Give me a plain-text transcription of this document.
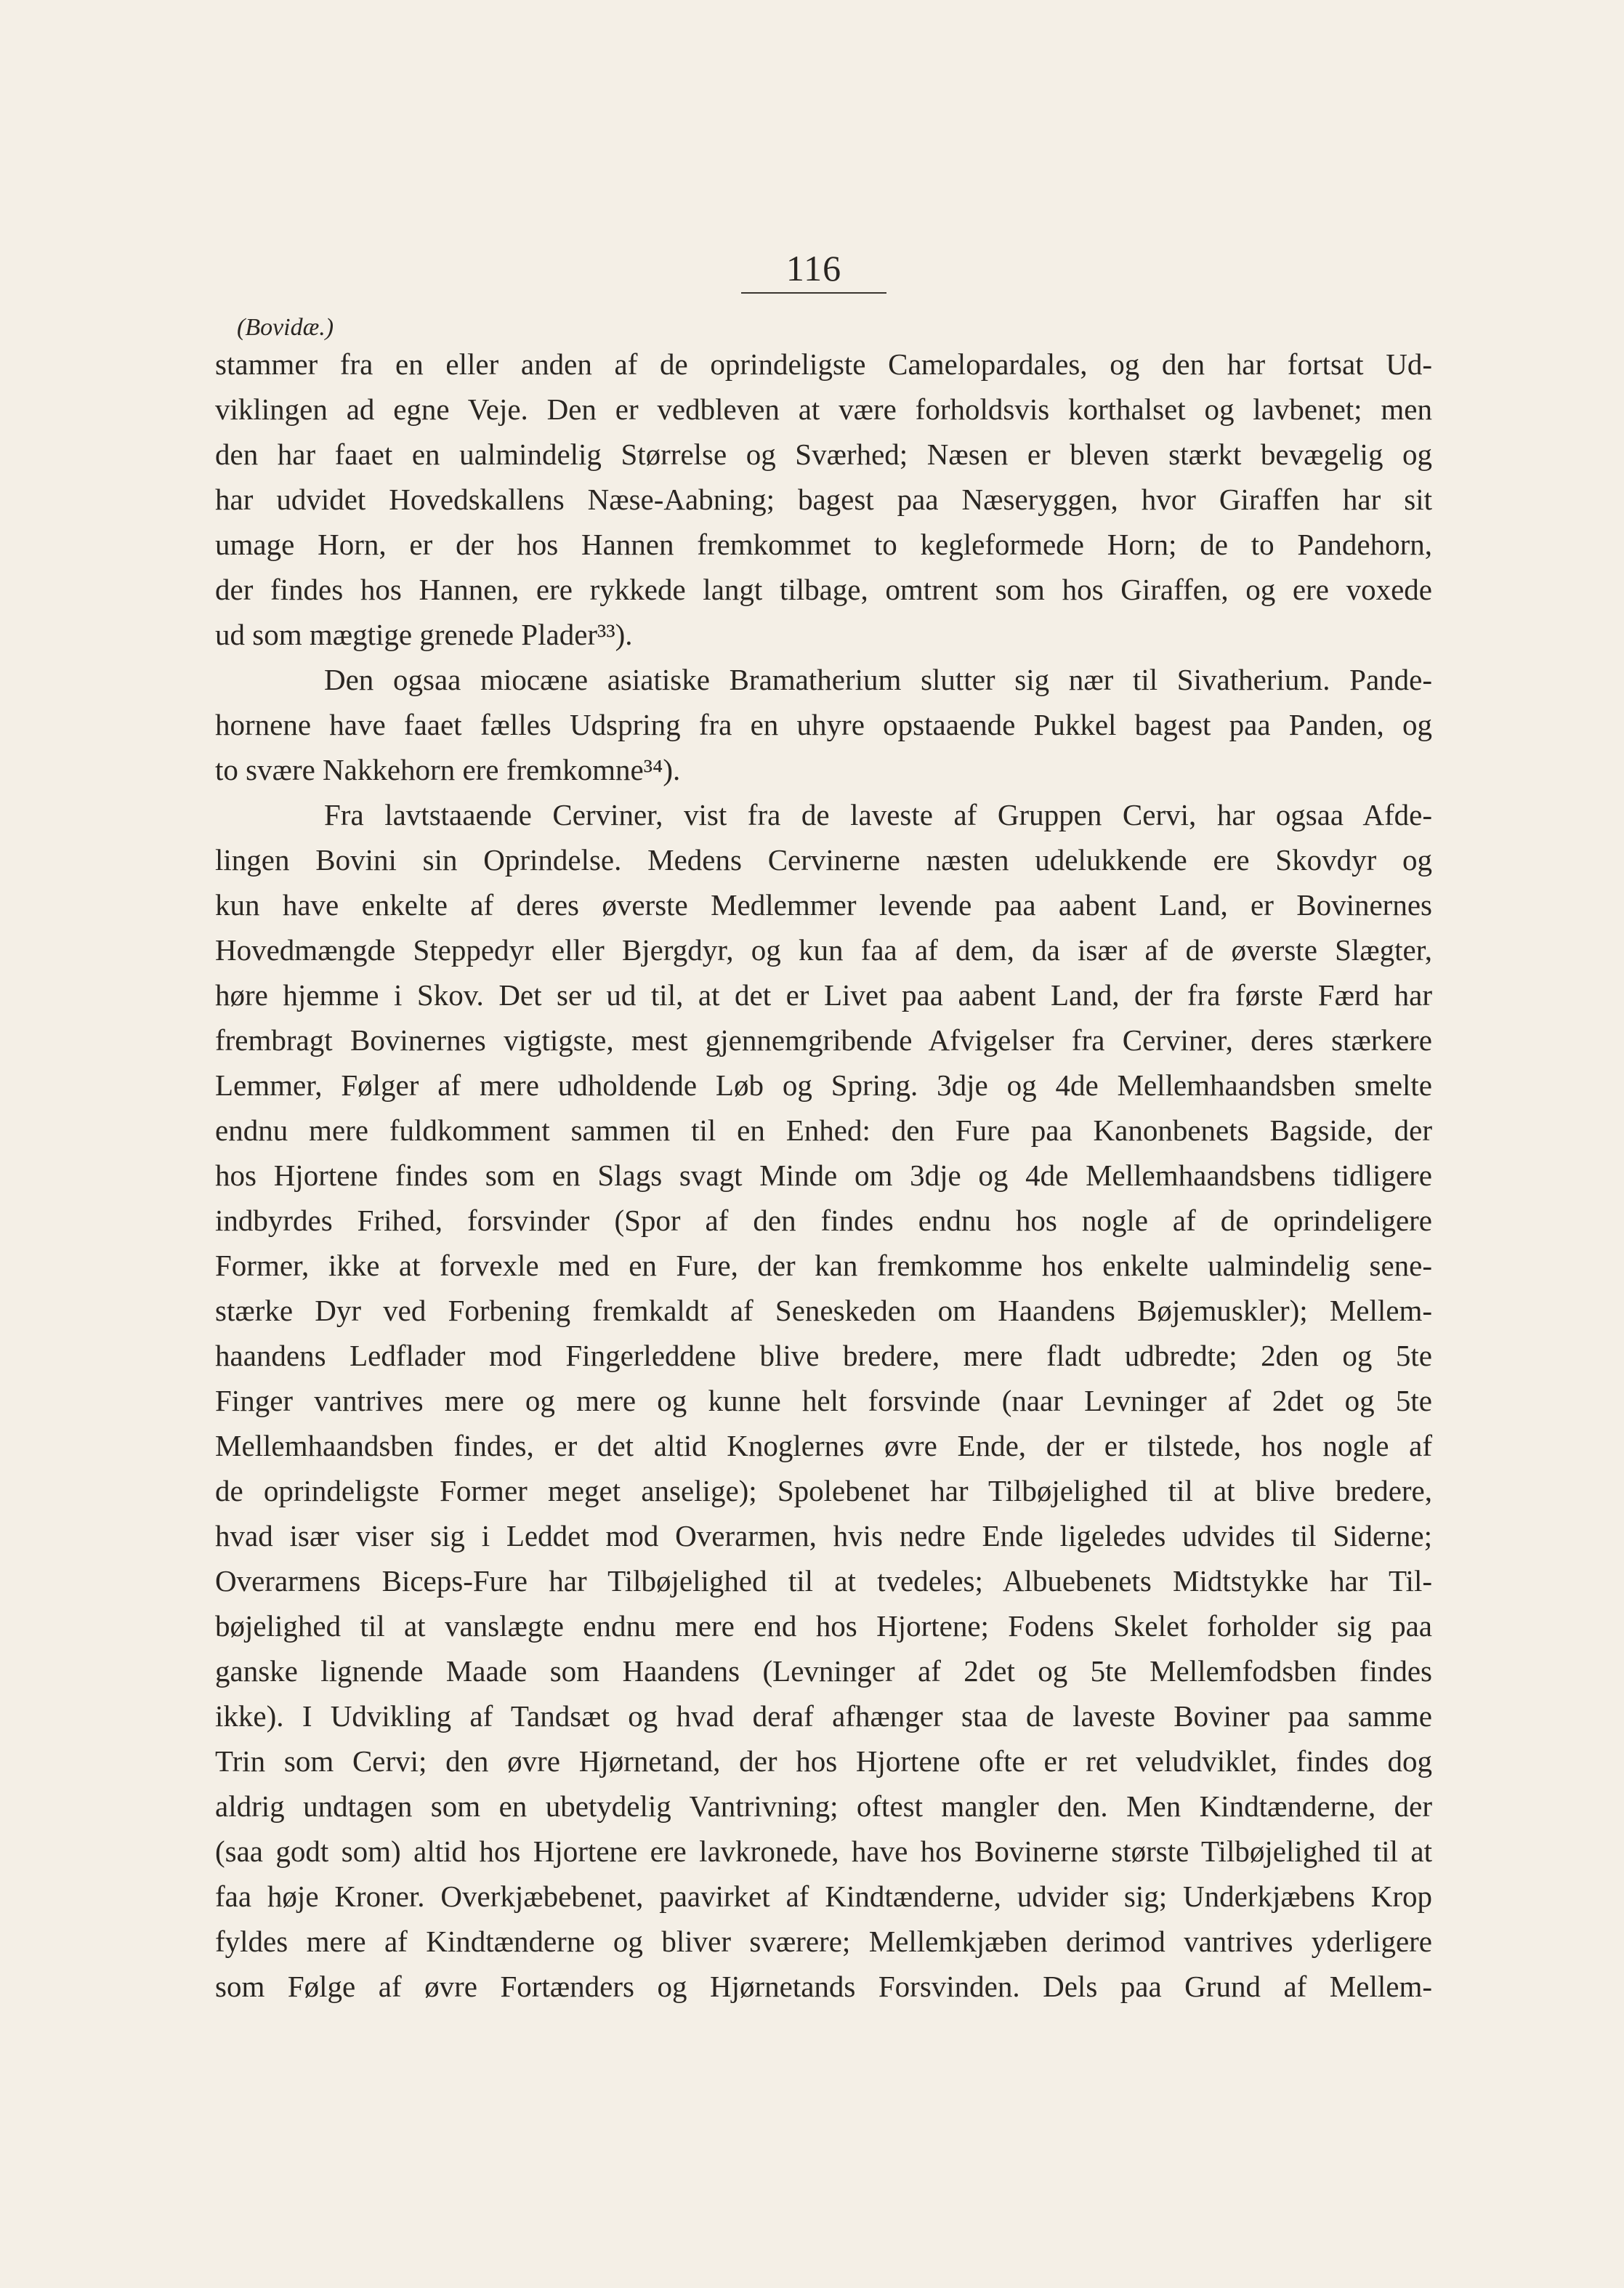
116
(Bovidæ.)
stammer fra en eller anden af de oprindeligste Camelopardales, og den har fortsat Ud-
viklingen ad egne Veje. Den er vedbleven at være forholdsvis korthalset og lavbenet; men
den har faaet en ualmindelig Størrelse og Sværhed; Næsen er bleven stærkt bevægelig og
har udvidet Hovedskallens Næse-Aabning; bagest paa Næseryggen, hvor Giraffen har sit
umage Horn, er der hos Hannen fremkommet to kegleformede Horn; de to Pandehorn,
der findes hos Hannen, ere rykkede langt tilbage, omtrent som hos Giraffen, og ere voxede
ud som mægtige grenede Plader³³).
Den ogsaa miocæne asiatiske Bramatherium slutter sig nær til Sivatherium. Pande-
hornene have faaet fælles Udspring fra en uhyre opstaaende Pukkel bagest paa Panden, og
to svære Nakkehorn ere fremkomne³⁴).
Fra lavtstaaende Cerviner, vist fra de laveste af Gruppen Cervi, har ogsaa Afde-
lingen Bovini sin Oprindelse. Medens Cervinerne næsten udelukkende ere Skovdyr og
kun have enkelte af deres øverste Medlemmer levende paa aabent Land, er Bovinernes
Hovedmængde Steppedyr eller Bjergdyr, og kun faa af dem, da især af de øverste Slægter,
høre hjemme i Skov. Det ser ud til, at det er Livet paa aabent Land, der fra første Færd har
frembragt Bovinernes vigtigste, mest gjennemgribende Afvigelser fra Cerviner, deres stærkere
Lemmer, Følger af mere udholdende Løb og Spring. 3dje og 4de Mellemhaandsben smelte
endnu mere fuldkomment sammen til en Enhed: den Fure paa Kanonbenets Bagside, der
hos Hjortene findes som en Slags svagt Minde om 3dje og 4de Mellemhaandsbens tidligere
indbyrdes Frihed, forsvinder (Spor af den findes endnu hos nogle af de oprindeligere
Former, ikke at forvexle med en Fure, der kan fremkomme hos enkelte ualmindelig sene-
stærke Dyr ved Forbening fremkaldt af Seneskeden om Haandens Bøjemuskler); Mellem-
haandens Ledflader mod Fingerleddene blive bredere, mere fladt udbredte; 2den og 5te
Finger vantrives mere og mere og kunne helt forsvinde (naar Levninger af 2det og 5te
Mellemhaandsben findes, er det altid Knoglernes øvre Ende, der er tilstede, hos nogle af
de oprindeligste Former meget anselige); Spolebenet har Tilbøjelighed til at blive bredere,
hvad især viser sig i Leddet mod Overarmen, hvis nedre Ende ligeledes udvides til Siderne;
Overarmens Biceps-Fure har Tilbøjelighed til at tvedeles; Albuebenets Midtstykke har Til-
bøjelighed til at vanslægte endnu mere end hos Hjortene; Fodens Skelet forholder sig paa
ganske lignende Maade som Haandens (Levninger af 2det og 5te Mellemfodsben findes
ikke). I Udvikling af Tandsæt og hvad deraf afhænger staa de laveste Boviner paa samme
Trin som Cervi; den øvre Hjørnetand, der hos Hjortene ofte er ret veludviklet, findes dog
aldrig undtagen som en ubetydelig Vantrivning; oftest mangler den. Men Kindtænderne, der
(saa godt som) altid hos Hjortene ere lavkronede, have hos Bovinerne største Tilbøjelighed til at
faa høje Kroner. Overkjæbebenet, paavirket af Kindtænderne, udvider sig; Underkjæbens Krop
fyldes mere af Kindtænderne og bliver sværere; Mellemkjæben derimod vantrives yderligere
som Følge af øvre Fortænders og Hjørnetands Forsvinden. Dels paa Grund af Mellem-
